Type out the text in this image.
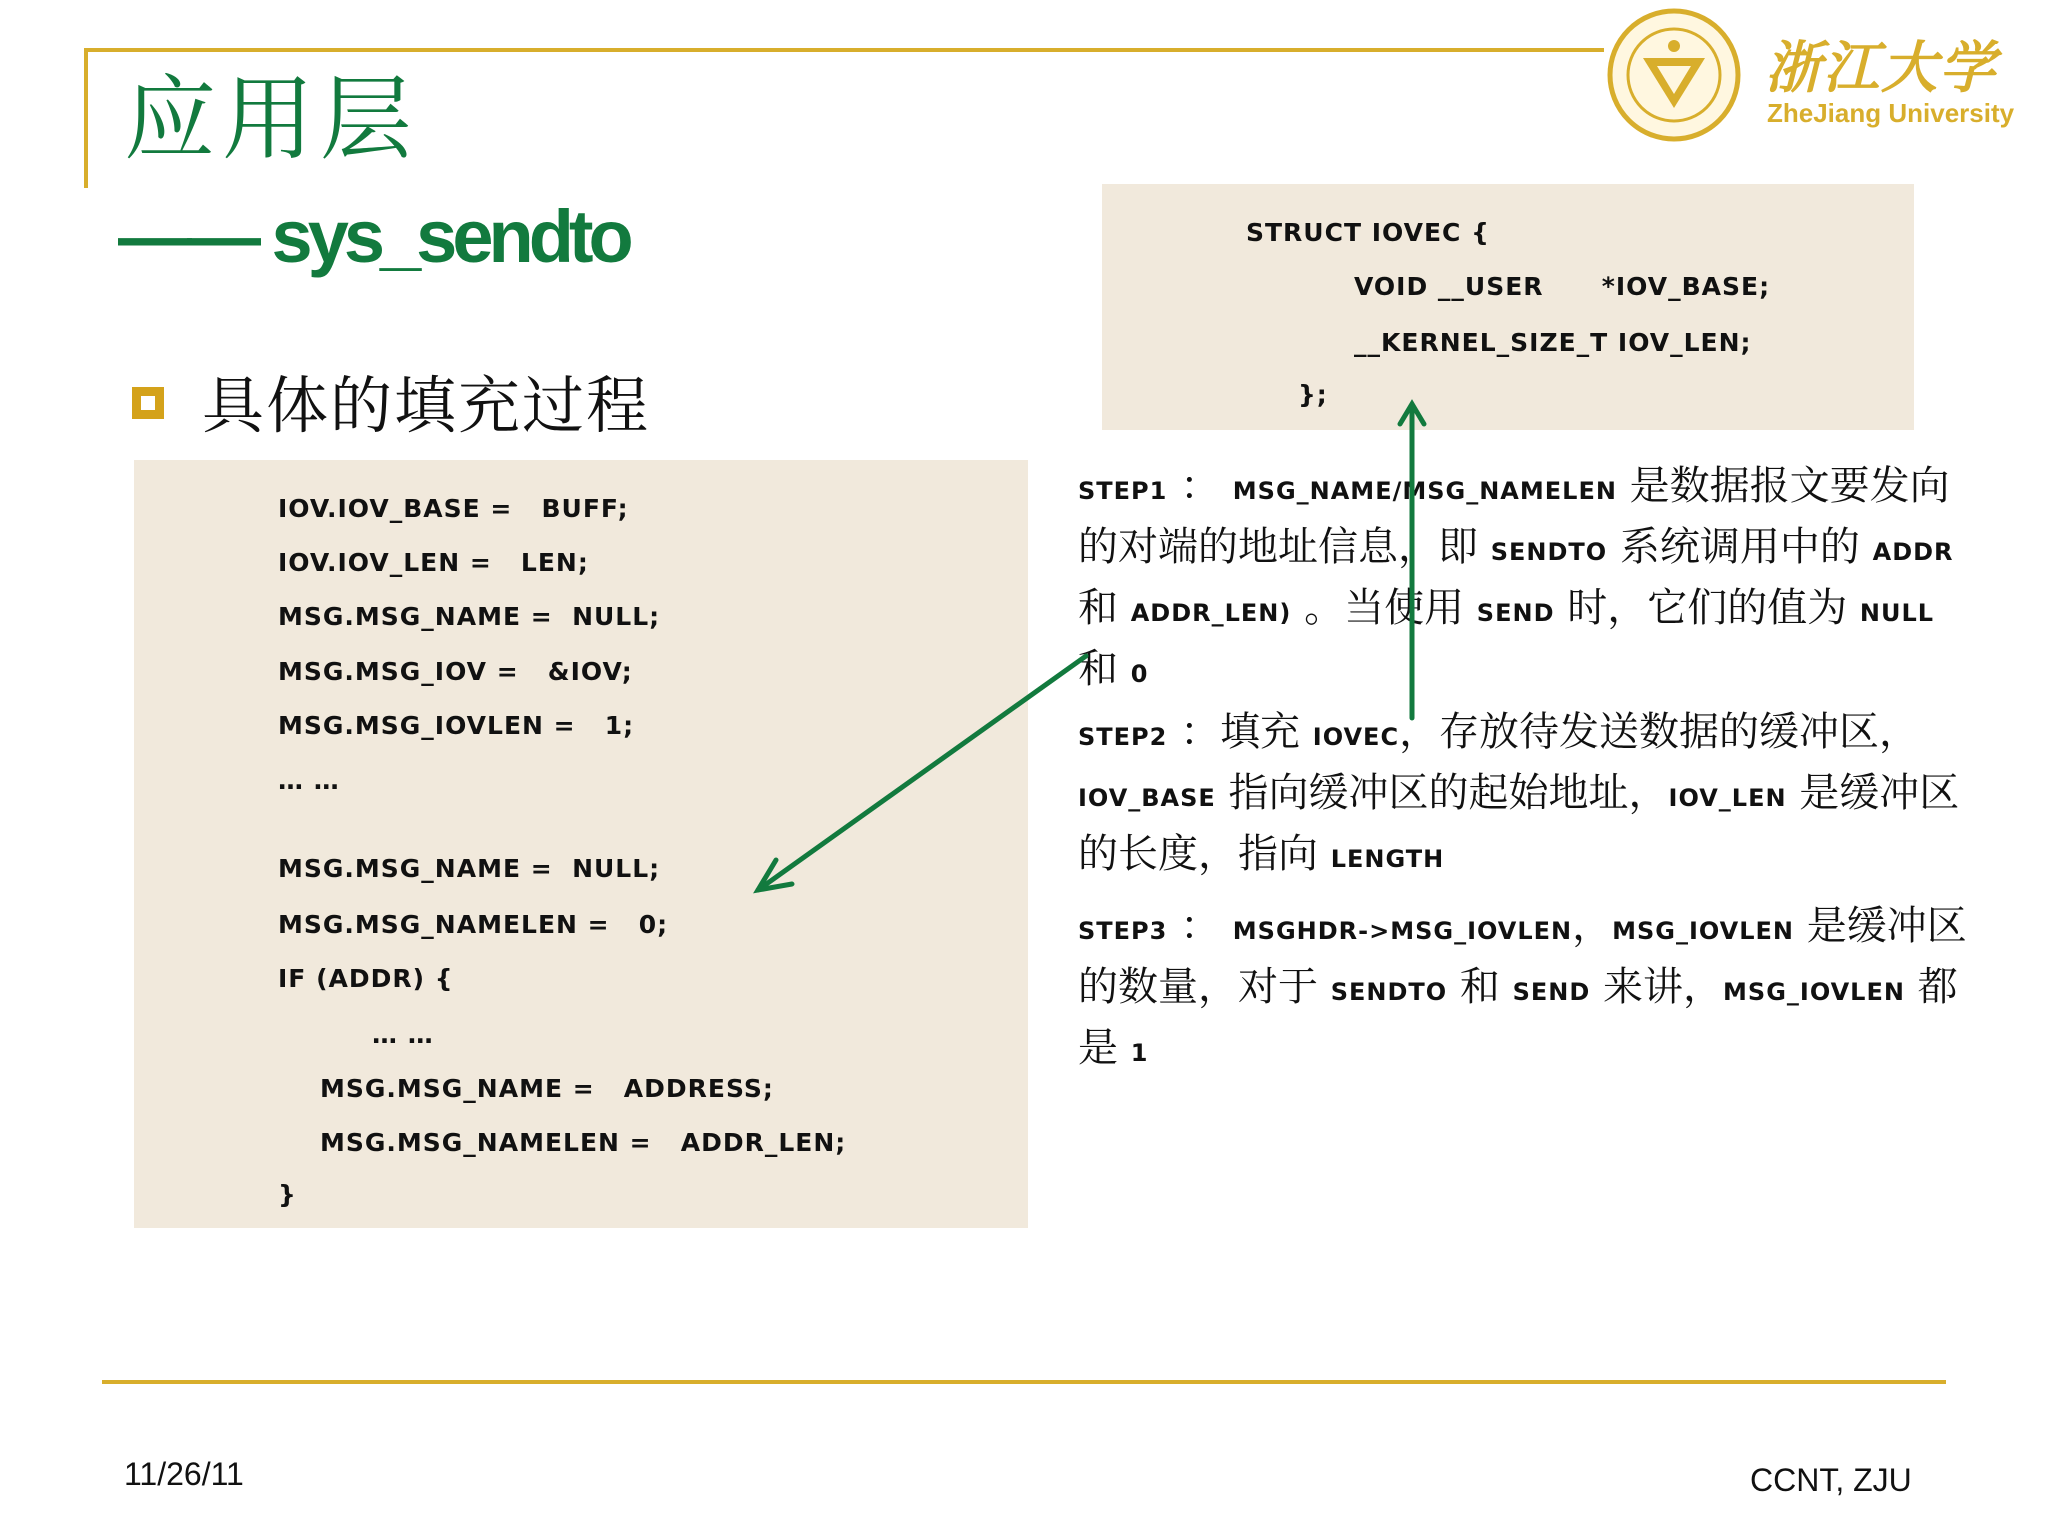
浙江大学
ZheJiang University
应用层
—— sys_sendto
具体的填充过程
IOV.IOV_BASE =   BUFF;
IOV.IOV_LEN =   LEN;
MSG.MSG_NAME =  NULL;
MSG.MSG_IOV =   &IOV;
MSG.MSG_IOVLEN =   1;
… …
MSG.MSG_NAME =  NULL;
MSG.MSG_NAMELEN =   0;
IF (ADDR) {
… …
MSG.MSG_NAME =   ADDRESS;
MSG.MSG_NAMELEN =   ADDR_LEN;
}
STRUCT IOVEC {
VOID __USER      *IOV_BASE;
__KERNEL_SIZE_T IOV_LEN;
};
STEP1 ： MSG_NAME/MSG_NAMELEN 是数据报文要发向的对端的地址信息，即 SENDTO 系统调用中的 ADDR 和 ADDR_LEN) 。当使用 SEND 时，它们的值为 NULL 和 0
STEP2 ：填充 IOVEC，存放待发送数据的缓冲区，IOV_BASE 指向缓冲区的起始地址，IOV_LEN 是缓冲区的长度，指向 LENGTH
STEP3 ： MSGHDR->MSG_IOVLEN，MSG_IOVLEN 是缓冲区的数量，对于 SENDTO 和 SEND 来讲，MSG_IOVLEN 都是 1
11/26/11	CCNT, ZJU
